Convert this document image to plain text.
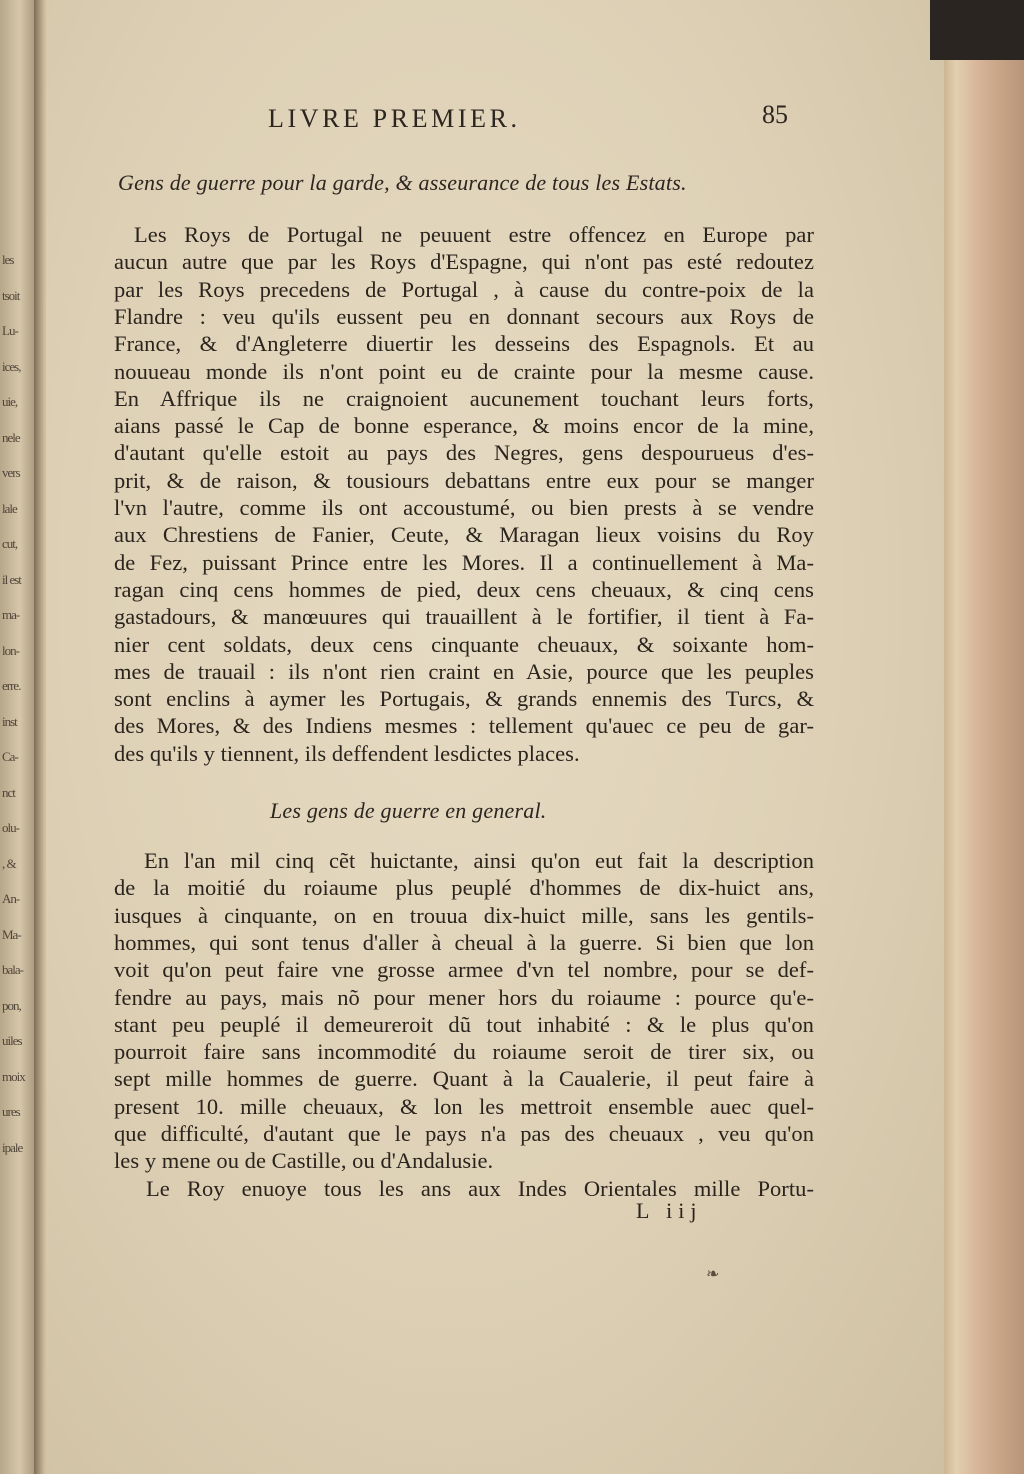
les
tsoit
Lu-
ices,
uie,
nele
vers
lale
cut,
il est
ma-
lon-
erre.
inst
Ca-
nct
olu-
, &
An-
Ma-
bala-
pon,
uiles
moix
ures
ipale
LIVRE PREMIER.	85
Gens de guerre pour la garde, & asseurance de tous les Estats.
Les Roys de Portugal ne peuuent estre offencez en Europe par
aucun autre que par les Roys d'Espagne, qui n'ont pas esté redoutez
par les Roys precedens de Portugal , à cause du contre-poix de la
Flandre : veu qu'ils eussent peu en donnant secours aux Roys de
France, & d'Angleterre diuertir les desseins des Espagnols. Et au
nouueau monde ils n'ont point eu de crainte pour la mesme cause.
En Affrique ils ne craignoient aucunement touchant leurs forts,
aians passé le Cap de bonne esperance, & moins encor de la mine,
d'autant qu'elle estoit au pays des Negres, gens despourueus d'es-
prit, & de raison, & tousiours debattans entre eux pour se manger
l'vn l'autre, comme ils ont accoustumé, ou bien prests à se vendre
aux Chrestiens de Fanier, Ceute, & Maragan lieux voisins du Roy
de Fez, puissant Prince entre les Mores. Il a continuellement à Ma-
ragan cinq cens hommes de pied, deux cens cheuaux, & cinq cens
gastadours, & manœuures qui trauaillent à le fortifier, il tient à Fa-
nier cent soldats, deux cens cinquante cheuaux, & soixante hom-
mes de trauail : ils n'ont rien craint en Asie, pource que les peuples
sont enclins à aymer les Portugais, & grands ennemis des Turcs, &
des Mores, & des Indiens mesmes : tellement qu'auec ce peu de gar-
des qu'ils y tiennent, ils deffendent lesdictes places.
Les gens de guerre en general.
En l'an mil cinq cẽt huictante, ainsi qu'on eut fait la description
de la moitié du roiaume plus peuplé d'hommes de dix-huict ans,
iusques à cinquante, on en trouua dix-huict mille, sans les gentils-
hommes, qui sont tenus d'aller à cheual à la guerre. Si bien que lon
voit qu'on peut faire vne grosse armee d'vn tel nombre, pour se def-
fendre au pays, mais nõ pour mener hors du roiaume : pource qu'e-
stant peu peuplé il demeureroit dũ tout inhabité : & le plus qu'on
pourroit faire sans incommodité du roiaume seroit de tirer six, ou
sept mille hommes de guerre. Quant à la Caualerie, il peut faire à
present 10. mille cheuaux, & lon les mettroit ensemble auec quel-
que difficulté, d'autant que le pays n'a pas des cheuaux , veu qu'on
les y mene ou de Castille, ou d'Andalusie.
Le Roy enuoye tous les ans aux Indes Orientales mille Portu-
L iij
❧
